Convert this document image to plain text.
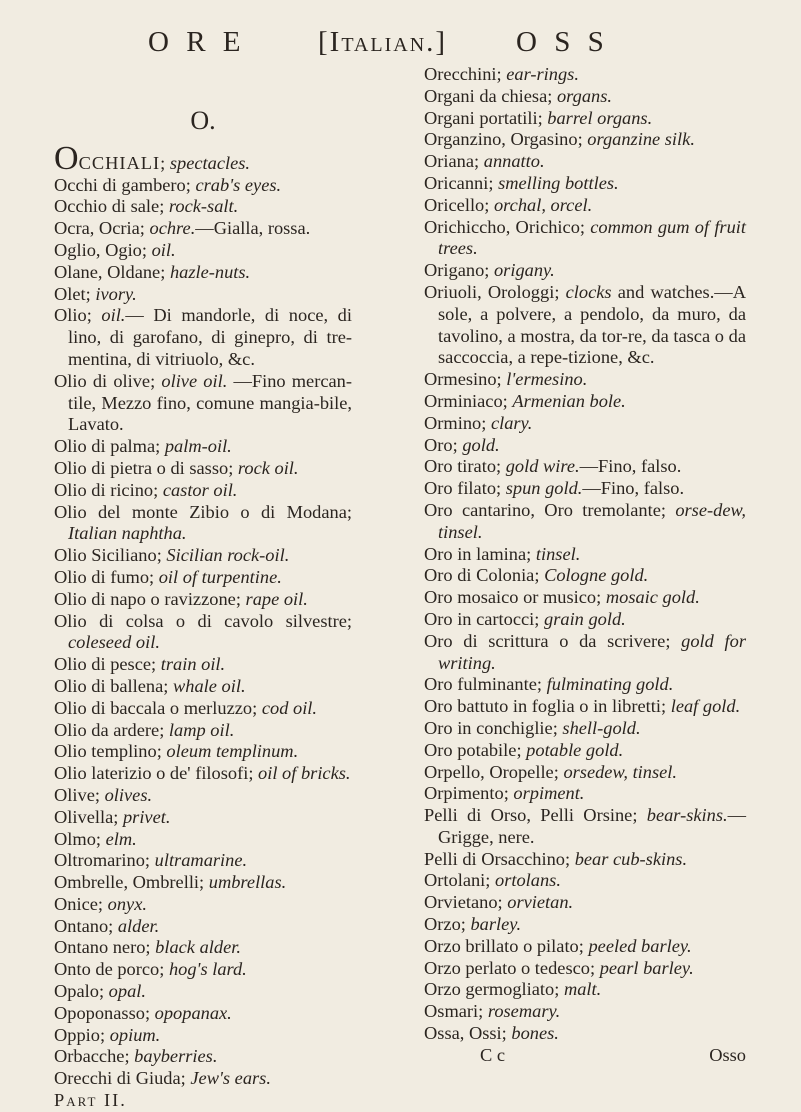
O R E	[Italian.] O S S
O.

OCCHIALI; spectacles.

Occhi di gambero; crab's eyes.

Occhio di sale; rock-salt.

Ocra, Ocria; ochre.—Gialla, rossa.

Oglio, Ogio; oil.

Olane, Oldane; hazle-nuts.

Olet; ivory.

Olio; oil.— Di mandorle, di noce, di lino, di garofano, di ginepro, di tre-mentina, di vitriuolo, &c.

Olio di olive; olive oil. —Fino mercan-tile, Mezzo fino, comune mangia-bile, Lavato.

Olio di palma; palm-oil.

Olio di pietra o di sasso; rock oil.

Olio di ricino; castor oil.

Olio del monte Zibio o di Modana; Italian naphtha.

Olio Siciliano; Sicilian rock-oil.

Olio di fumo; oil of turpentine.

Olio di napo o ravizzone; rape oil.

Olio di colsa o di cavolo silvestre; coleseed oil.

Olio di pesce; train oil.

Olio di ballena; whale oil.

Olio di baccala o merluzzo; cod oil.

Olio da ardere; lamp oil.

Olio templino; oleum templinum.

Olio laterizio o de' filosofi; oil of bricks.

Olive; olives.

Olivella; privet.

Olmo; elm.

Oltromarino; ultramarine.

Ombrelle, Ombrelli; umbrellas.

Onice; onyx.

Ontano; alder.

Ontano nero; black alder.

Onto de porco; hog's lard.

Opalo; opal.

Opoponasso; opopanax.

Oppio; opium.

Orbacche; bayberries.

Orecchi di Giuda; Jew's ears.

Part II.

Orecchini; ear-rings.

Organi da chiesa; organs.

Organi portatili; barrel organs.

Organzino, Orgasino; organzine silk.

Oriana; annatto.

Oricanni; smelling bottles.

Oricello; orchal, orcel.

Orichiccho, Orichico; common gum of fruit trees.

Origano; origany.

Oriuoli, Orologgi; clocks and watches.—A sole, a polvere, a pendolo, da muro, da tavolino, a mostra, da tor-re, da tasca o da saccoccia, a repe-tizione, &c.

Ormesino; l'ermesino.

Orminiaco; Armenian bole.

Ormino; clary.

Oro; gold.

Oro tirato; gold wire.—Fino, falso.

Oro filato; spun gold.—Fino, falso.

Oro cantarino, Oro tremolante; orse-dew, tinsel.

Oro in lamina; tinsel.

Oro di Colonia; Cologne gold.

Oro mosaico or musico; mosaic gold.

Oro in cartocci; grain gold.

Oro di scrittura o da scrivere; gold for writing.

Oro fulminante; fulminating gold.

Oro battuto in foglia o in libretti; leaf gold.

Oro in conchiglie; shell-gold.

Oro potabile; potable gold.

Orpello, Oropelle; orsedew, tinsel.

Orpimento; orpiment.

Pelli di Orso, Pelli Orsine; bear-skins.—Grigge, nere.

Pelli di Orsacchino; bear cub-skins.

Ortolani; ortolans.

Orvietano; orvietan.

Orzo; barley.

Orzo brillato o pilato; peeled barley.

Orzo perlato o tedesco; pearl barley.

Orzo germogliato; malt.

Osmari; rosemary.

Ossa, Ossi; bones.

C c	Osso
